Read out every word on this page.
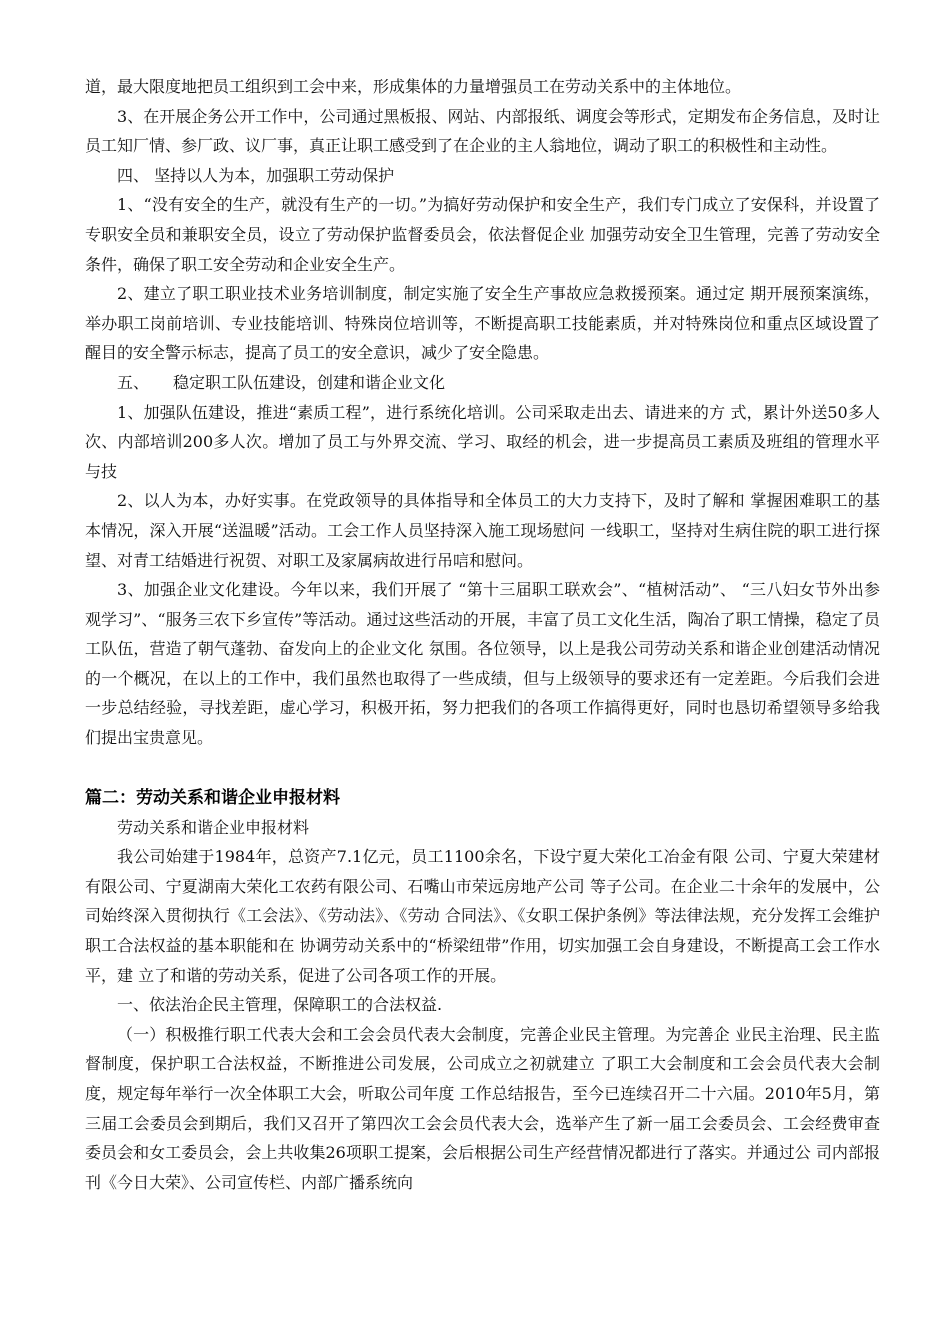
道，最大限度地把员工组织到工会中来，形成集体的力量增强员工在劳动关系中的主体地位。

3、在开展企务公开工作中，公司通过黑板报、网站、内部报纸、调度会等形式，定期发布企务信息，及时让员工知厂情、参厂政、议厂事，真正让职工感受到了在企业的主人翁地位，调动了职工的积极性和主动性。

四、 坚持以人为本，加强职工劳动保护

1、“没有安全的生产，就没有生产的一切。”为搞好劳动保护和安全生产，我们专门成立了安保科，并设置了专职安全员和兼职安全员，设立了劳动保护监督委员会，依法督促企业 加强劳动安全卫生管理，完善了劳动安全条件，确保了职工安全劳动和企业安全生产。

2、建立了职工职业技术业务培训制度，制定实施了安全生产事故应急救援预案。通过定 期开展预案演练，举办职工岗前培训、专业技能培训、特殊岗位培训等，不断提高职工技能素质，并对特殊岗位和重点区域设置了醒目的安全警示标志，提高了员工的安全意识，减少了安全隐患。

五、　　稳定职工队伍建设，创建和谐企业文化

1、加强队伍建设，推进“素质工程”，进行系统化培训。公司采取走出去、请进来的方 式，累计外送50多人次、内部培训200多人次。增加了员工与外界交流、学习、取经的机会，进一步提高员工素质及班组的管理水平与技

2、以人为本，办好实事。在党政领导的具体指导和全体员工的大力支持下，及时了解和 掌握困难职工的基本情况，深入开展“送温暖”活动。工会工作人员坚持深入施工现场慰问 一线职工，坚持对生病住院的职工进行探望、对青工结婚进行祝贺、对职工及家属病故进行吊唁和慰问。

3、加强企业文化建设。今年以来，我们开展了 “第十三届职工联欢会”、“植树活动”、 “三八妇女节外出参观学习”、“服务三农下乡宣传”等活动。通过这些活动的开展，丰富了员工文化生活，陶冶了职工情操，稳定了员工队伍，营造了朝气蓬勃、奋发向上的企业文化 氛围。各位领导，以上是我公司劳动关系和谐企业创建活动情况的一个概况，在以上的工作中，我们虽然也取得了一些成绩，但与上级领导的要求还有一定差距。今后我们会进一步总结经验，寻找差距，虚心学习，积极开拓，努力把我们的各项工作搞得更好，同时也恳切希望领导多给我们提出宝贵意见。

篇二：劳动关系和谐企业申报材料

劳动关系和谐企业申报材料

我公司始建于1984年，总资产7.1亿元，员工1100余名，下设宁夏大荣化工冶金有限 公司、宁夏大荣建材有限公司、宁夏湖南大荣化工农药有限公司、石嘴山市荣远房地产公司 等子公司。在企业二十余年的发展中，公司始终深入贯彻执行《工会法》、《劳动法》、《劳动 合同法》、《女职工保护条例》等法律法规，充分发挥工会维护职工合法权益的基本职能和在 协调劳动关系中的“桥梁纽带”作用，切实加强工会自身建设，不断提高工会工作水平，建 立了和谐的劳动关系，促进了公司各项工作的开展。

一、依法治企民主管理，保障职工的合法权益.

（一）积极推行职工代表大会和工会会员代表大会制度，完善企业民主管理。为完善企 业民主治理、民主监督制度，保护职工合法权益，不断推进公司发展，公司成立之初就建立 了职工大会制度和工会会员代表大会制度，规定每年举行一次全体职工大会，听取公司年度 工作总结报告，至今已连续召开二十六届。2010年5月，第三届工会委员会到期后，我们又召开了第四次工会会员代表大会，选举产生了新一届工会委员会、工会经费审查委员会和女工委员会，会上共收集26项职工提案，会后根据公司生产经营情况都进行了落实。并通过公 司内部报刊《今日大荣》、公司宣传栏、内部广播系统向
